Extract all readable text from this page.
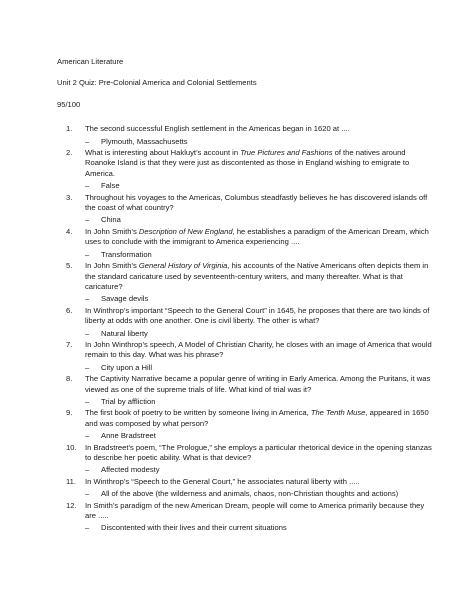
American Literature
Unit 2 Quiz: Pre-Colonial America and Colonial Settlements
95/100
1. The second successful English settlement in the Americas began in 1620 at ....
– Plymouth, Massachusetts
2. What is interesting about Hakluyt’s account in True Pictures and Fashions of the natives around Roanoke Island is that they were just as discontented as those in England wishing to emigrate to America.
– False
3. Throughout his voyages to the Americas, Columbus steadfastly believes he has discovered islands off the coast of what country?
– China
4. In John Smith’s Description of New England, he establishes a paradigm of the American Dream, which uses to conclude with the immigrant to America experiencing ....
– Transformation
5. In John Smith’s General History of Virginia, his accounts of the Native Americans often depicts them in the standard caricature used by seventeenth-century writers, and many thereafter. What is that caricature?
– Savage devils
6. In Winthrop’s important “Speech to the General Court” in 1645, he proposes that there are two kinds of liberty at odds with one another. One is civil liberty. The other is what?
– Natural liberty
7. In John Winthrop’s speech, A Model of Christian Charity, he closes with an image of America that would remain to this day. What was his phrase?
– City upon a Hill
8. The Captivity Narrative became a popular genre of writing in Early America. Among the Puritans, it was viewed as one of the supreme trials of life. What kind of trial was it?
– Trial by affliction
9. The first book of poetry to be written by someone living in America, The Tenth Muse, appeared in 1650 and was composed by what person?
– Anne Bradstreet
10. In Bradstreet’s poem, “The Prologue,” she employs a particular rhetorical device in the opening stanzas to describe her poetic ability. What is that device?
– Affected modesty
11. In Winthrop’s “Speech to the General Court,” he associates natural liberty with .....
– All of the above (the wilderness and animals, chaos, non-Christian thoughts and actions)
12. In Smith’s paradigm of the new American Dream, people will come to America primarily because they are .....
– Discontented with their lives and their current situations
